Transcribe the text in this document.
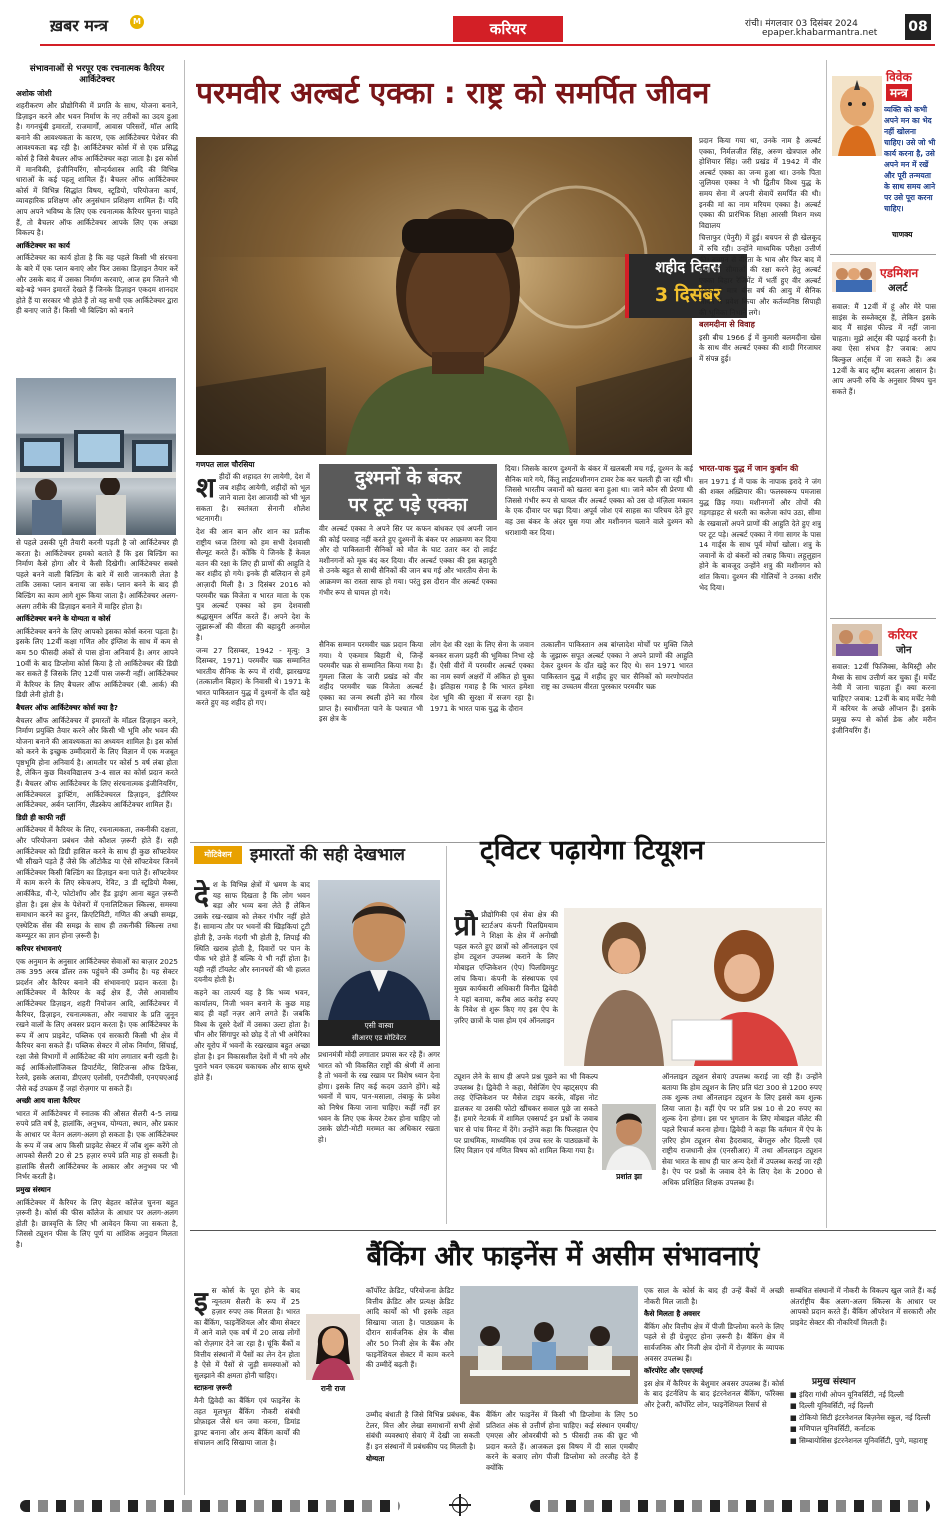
ख़बर मन्त्र	M	करियर	रांची। मंगलवार 03 दिसंबर 2024
epaper.khabarmantra.net 08
संभावनाओं से भरपूर एक रचनात्मक कैरियर आर्किटेक्चर
अशोक जोशी

शहरीकरण और प्रौद्योगिकी में प्रगति के साथ, योजना बनाने, डिज़ाइन करने और भवन निर्माण के नए तरीकों का उदय हुआ है। गगनचुंबी इमारतों, राजमार्गों, आवास परिसरों, मॉल आदि बनाने की आवश्यकता के कारण, एक आर्किटेक्चर पेशेवर की आवश्यकता बढ़ रही है। आर्किटेक्चर कोर्स में से एक प्रसिद्ध कोर्स है जिसे बैचलर ऑफ आर्किटेक्चर कहा जाता है। इस कोर्स में मानविकी, इंजीनियरिंग, सौन्दर्यशास्त्र आदि की विभिन्न धाराओं के कई पहलू शामिल हैं। बैचलर ऑफ आर्किटेक्चर कोर्स में विभिन्न सिद्धांत विषय, स्टूडियो, परियोजना कार्य, व्यावहारिक प्रशिक्षण और अनुसंधान प्रशिक्षण शामिल हैं। यदि आप अपने भविष्य के लिए एक रचनात्मक कैरियर चुनना चाहते हैं, तो बैचलर ऑफ आर्किटेक्चर आपके लिए एक अच्छा विकल्प है।

आर्किटेक्चर का कार्य

आर्किटेक्चर का कार्य होता है कि वह पहले किसी भी संरचना के बारे में एक प्लान बनाएं और फिर उसका डिज़ाइन तैयार करें और उसके बाद में उसका निर्माण करवाएं, आज हम जितने भी बड़े-बड़े भवन इमारतें देखते हैं जिनके डिज़ाइन एकदम शानदार होते हैं या सरकार भी होते हैं तो यह सभी एक आर्किटेक्चर द्वारा ही बनाए जाते हैं। किसी भी बिल्डिंग को बनाने

से पहले उसकी पूरी तैयारी करनी पड़ती है जो आर्किटेक्चर ही करता है। आर्किटेक्चर हमको बताते हैं कि इस बिल्डिंग का निर्माण कैसे होगा और ये कैसी दिखेगी। आर्किटेक्चर सबसे पहले बनने वाली बिल्डिंग के बारे में सारी जानकारी लेता है ताकि उसका प्लान बनाया जा सके। प्लान बनने के बाद ही बिल्डिंग का काम आगे शुरू किया जाता है। आर्किटेक्चर अलग-अलग तरीके की डिज़ाइन बनाने में माहिर होता है।

आर्किटेक्चर बनने के योग्यता व कोर्स

आर्किटेक्चर बनने के लिए आपको इसका कोर्स करना पड़ता है। इसके लिए 12वीं कक्षा गणित और इंग्लिश के साथ में कम से कम 50 फीसदी अंकों से पास होना अनिवार्य है। अगर आपने 10वीं के बाद डिप्लोमा कोर्स किया है तो आर्किटेक्चर की डिग्री कर सकते हैं जिसके लिए 12वीं पास जरूरी नहीं। आर्किटेक्चर में कैरियर के लिए बैचलर ऑफ आर्किटेक्चर (बी. आर्क) की डिग्री लेनी होती है।

बैचलर ऑफ आर्किटेक्चर कोर्स क्या है?

बैचलर ऑफ आर्किटेक्चर में इमारतों के मॉडल डिज़ाइन करने, निर्माण प्रयुक्ति तैयार करने और किसी भी भूमि और भवन की योजना बनाने की आवश्यकता का अध्ययन शामिल है। इस कोर्स को करने के इच्छुक उम्मीदवारों के लिए विज्ञान में एक मजबूत पृष्ठभूमि होना अनिवार्य है। आमतौर पर कोर्स 5 वर्ष लंबा होता है, लेकिन कुछ विश्वविद्यालय 3-4 साल का कोर्स प्रदान करते हैं। बैचलर ऑफ आर्किटेक्चर के लिए संरचनात्मक इंजीनियरिंग, आर्किटेक्चरल ड्राफ्टिंग, आर्किटेक्चरल डिज़ाइन, इंटीरियर आर्किटेक्चर, अर्बन प्लानिंग, लैंडस्केप आर्किटेक्चर शामिल हैं।

डिग्री ही काफी नहीं

आर्किटेक्चर में कैरियर के लिए, रचनात्मकता, तकनीकी दक्षता, और परियोजना प्रबंधन जैसे कौशल ज़रूरी होते हैं। सही आर्किटेक्चर को डिग्री हासिल करने के साथ ही कुछ सॉफ्टवेयर भी सीखने पड़ते हैं जैसे कि ऑटोकैड या ऐसे सॉफ्टवेयर जिनमें आर्किटेक्चर किसी बिल्डिंग का डिज़ाइन बना पाते हैं। सॉफ्टवेयर में काम करने के लिए स्केचअप, रेविट, 3 डी स्टूडियो मैक्स, आर्कीकैड, वी-रे, फोटोशॉप और हैंड ड्राइंग आना बहुत ज़रूरी होता है। इस क्षेत्र के पेशेवरों में एनालिटिकल स्किल्स, समस्या समाधान करने का हुनर, क्रिएटिविटी, गणित की अच्छी समझ, एस्थेटिक सेंस की समझ के साथ ही तकनीकी स्किल्स तथा कम्प्यूटर का ज्ञान होना ज़रूरी है।

करियर संभावनाएं

एक अनुमान के अनुसार आर्किटेक्चर सेवाओं का बाज़ार 2025 तक 395 अरब डॉलर तक पहुंचने की उम्मीद है। यह सेक्टर प्रदर्शन और कैरियर बनाने की संभावनाएं प्रदान करता है। आर्किटेक्चर में कैरियर के कई क्षेत्र हैं, जैसे आवासीय आर्किटेक्चर डिज़ाइन, शहरी नियोजन आदि, आर्किटेक्चर में कैरियर, डिज़ाइन, रचनात्मकता, और नवाचार के प्रति जुनून रखने वालों के लिए अवसर प्रदान करता है। एक आर्किटेक्चर के रूप में आप प्राइवेट, पब्लिक एवं सरकारी किसी भी क्षेत्र में कैरियर बना सकते हैं। पब्लिक सेक्टर में लोक निर्माण, सिंचाई, रक्षा जैसे विभागों में आर्किटेक्ट की मांग लगातार बनी रहती है। कई आर्किओलॉजिकल डिपार्टमेंट, सिटिजन्स ऑफ डिफेंस, रेलवे, इसके अलावा, डीएलए एलोसी, एनटीपीसी, एनएचएआई जैसे कई उपक्रम हैं जहां रोज़गार पा सकते हैं।

अच्छी आय वाला कैरियर

भारत में आर्किटेक्चर में स्नातक की औसत सैलरी 4-5 लाख रुपये प्रति वर्ष है, हालांकि, अनुभव, योग्यता, स्थान, और प्रकार के आधार पर वेतन अलग-अलग हो सकता है। एक आर्किटेक्चर के रूप में जब आप किसी प्राइवेट सेक्टर में जॉब शुरू करेंगे तो आपको सैलरी 20 से 25 हज़ार रुपये प्रति माह हो सकती है। हालांकि सैलरी आर्किटेक्चर के आकार और अनुभव पर भी निर्भर करती है।

प्रमुख संस्थान

आर्किटेक्चर में कैरियर के लिए बेहतर कॉलेज चुनना बहुत ज़रूरी है। कोर्स की फीस कॉलेज के आधार पर अलग-अलग होती है। छात्रवृत्ति के लिए भी आवेदन किया जा सकता है, जिससे ट्यूशन फीस के लिए पूर्ण या आंशिक अनुदान मिलता है।

परमवीर अल्बर्ट एक्का : राष्ट्र को समर्पित जीवन
शहीद दिवस
3 दिसंबर

प्रदान किया गया था, उनके नाम है अल्बर्ट एक्का, निर्मलजीत सिंह, अरुण खेत्रपाल और होशियार सिंह। जरी प्रखंड में 1942 में वीर अल्बर्ट एक्का का जन्म हुआ था। उनके पिता जुलियस एक्का ने भी द्वितीय विश्व युद्ध के समय सेना में अपनी सेवायें समर्पित की थी। इनकी मां का नाम मरियम एक्का है। अल्बर्ट एक्का की प्रारंभिक शिक्षा आरसी मिशन मध्य विद्यालय

चित्ताफुर (पेनुरी) में हुई। बचपन से ही खेलकूद में रुचि रही। उन्होंने माध्यमिक परीक्षा उत्तीर्ण की। बचपन से वीरता के भाव और फिर बाद में सेना की सीमाओं की रक्षा करने हेतु अल्बर्ट एक्का बिहार रेजिमेंट में भर्ती हुए वीर अल्बर्ट एक्का ने मात्र बीस वर्ष की आयु में सैनिक जीवन में प्रवेश किया और कर्तव्यनिष्ठ सिपाही की भूमिका निभाने लगे।

बलमदीना से विवाह

इसी बीच 1966 ई में कुमारी बलमदीना खेस के साथ वीर अल्बर्ट एक्का की शादी गिरजाघर में संपन्न हुई।

गणपत लाल चौरसिया
श हीदों की शहादत रंग लायेगी, देश में जब शहीद आयेगी, शहीदों को भूल जाने वाला देश आजादी को भी भूल सकता है। स्वतंत्रता सेनानी शौलेश भटनागरी।

देश की आन बान और शान का प्रतीक राष्ट्रीय ध्वज तिरंगा को हम सभी देशवासी सैल्यूट करते हैं। कोंकि ये जिनके हैं केवल वतन की रक्षा के लिए ही प्राणों की आहुति दे कर शहीद हो गये। इनके ही बलिदान से हमें आज़ादी मिली है। 3 दिसंबर 2016 को परमवीर चक्र विजेता व भारत माता के एक पुत्र अल्बर्ट एक्का को हम देशवासी श्रद्धासुमन अर्पित करते हैं। अपने देश के जुझारूओं की वीरता की बहादुरी अनमोल है।

जन्म 27 दिसम्बर, 1942 - मृत्यु: 3 दिसम्बर, 1971) परमवीर चक्र सम्मानित भारतीय सैनिक के रूप में रांची, झारखण्ड (तत्कालीन बिहार) के निवासी थे। 1971 के भारत पाकिस्तान युद्ध में दुश्मनों के दाँत खट्टे करते हुए वह शहीद हो गए।

दुश्मनों के बंकर
पर टूट पड़े एक्का

वीर अल्बर्ट एक्का ने अपने सिर पर कफन बांधकर एवं अपनी जान की कोई परवाह नहीं करते हुए दुश्मनों के बंकर पर आक्रमण कर दिया और दो पाकिस्तानी सैनिकों को मौत के घाट उतार कर दो लाईट मशीनगनों को मूक बंद कर दिया। वीर अल्बर्ट एक्का की इस बहादुरी से उनके बहुत से साथी सैनिकों की जान बच गई और भारतीय सेना के आक्रमण का रास्ता साफ हो गया। परंतु इस दौरान वीर अल्बर्ट एक्का गंभीर रूप से घायल हो गये।

दिया। जिसके कारण दुश्मनों के बंकर में खलबली मच गई, दुश्मन के कई सैनिक मारे गये, किंतु लाईटमशीनगन टावर टेक कर चलती ही जा रही थी। जिससे भारतीय जवानों को खतरा बना हुआ था। जाने कौन सी प्रेरणा थी जिससे गंभीर रूप से घायल वीर अल्बर्ट एक्का को उस दो मंज़िला मकान के एक दीवार पर चढ़ा दिया। अपूर्व जोश एवं साहस का परिचय देते हुए वह उस बंकर के अंदर घुस गया और मशीनगन चलाने वाले दुश्मन को धराशायी कर दिया।

सैनिक सम्मान परमवीर चक्र प्रदान किया गया। ये एकमात्र बिहारी थे, जिन्हें परमवीर चक्र से सम्मानित किया गया है। गुमला जिला के जारी प्रखंड को वीर शहीद परमवीर चक्र विजेता अल्बर्ट एक्का का जन्म स्थली होने का गौरव प्राप्त है। स्वाधीनता पाने के पश्चात भी इस क्षेत्र के

लोग देश की रक्षा के लिए सेना के जवान बनकर सजग प्रहरी की भूमिका निभा रहे हैं। ऐसी वीरों में परमवीर अल्बर्ट एक्का का नाम स्वर्ण अक्षरों में अंकित हो चुका है। इतिहास गवाह है कि भारत हमेशा देश भूमि की सुरक्षा में सजग रहा है। 1971 के भारत पाक युद्ध के दौरान

तत्कालीन पाकिस्तान अब बांग्लादेश मोर्चों पर मुक्ति जिले के जुझारू सपूत अल्बर्ट एक्का ने अपने प्राणों की आहुति देकर दुश्मन के दाँत खट्टे कर दिए थे। सन 1971 भारत पाकिस्तान युद्ध में शहीद हुए चार सैनिकों को मरणोपरांत राष्ट्र का उच्चतम वीरता पुरस्कार परमवीर चक्र

भारत-पाक युद्ध में जान कुर्बान की

सन 1971 ई में पाक के नापाक इरादे ने जंग की शक्ल अख़्तियार की। फलस्वरूप पमजास युद्ध छिड़ गया। मशीनगनों और तोपों की गड़गड़ाहट से धरती का कलेजा कांप उठा, सीमा के रखवालों अपने प्राणों की आहुति देते हुए शत्रु पर टूट पड़े। अल्बर्ट एक्का ने गंगा सागर के पास 14 गार्ड्स के साथ पूर्व मोर्चा खोला। शत्रु के जवानों के दो बंकरों को तबाह किया। लहूलुहान होने के बावजूद उन्होंने शत्रु की मशीनगन को शांत किया। दुश्मन की गोलियों ने उनका शरीर भेद दिया।

मोटिवेशन	इमारतों की सही देखभाल
दे श के विभिन्न क्षेत्रों में भ्रमण के बाद यह साफ दिखता है कि लोग भवन बड़ा और भव्य बना लेते हैं लेकिन उसके रख-रखाव को लेकर गंभीर नहीं होते हैं। सामान्य तौर पर भवनों की खिड़कियां टूटी होती है, उनके गंदगी भी होती है, लिपाई की स्थिति खराब होती है, दिवारों पर पान के पीक भरे होते हैं बल्कि ये भी नहीं होता है। यही नहीं टॉयलेट और स्नानघरों की भी हालत दयनीय होती है।

कहने का तात्पर्य यह है कि भव्य भवन, कार्यालय, निजी भवन बनाने के कुछ माह बाद ही वहाँ नज़र आने लगते हैं। जबकि विश्व के दूसरे देशों में उसका उल्टा होता है। चीन और सिंगापुर को छोड़ दें तो भी अमेरिका और यूरोप में भवनों के रखरखाव बहुत अच्छा होता है। इन विकासशील देशों में भी नये और पुराने भवन एकदम चकाचक और साफ सुथरे होते हैं।

एसी वास्वा
सीआरए एड मोटिवेटर

प्रधानमंत्री मोदी लगातार प्रयास कर रहे हैं। अगर भारत को भी विकसित राष्ट्रों की श्रेणी में आना है तो भवनों के रख रखाव पर विशेष ध्यान देना होगा। इसके लिए कई कदम उठाने होंगे। बड़े भवनों में चाय, पान-मसाला, तंबाकू के प्रवेश को निषेध किया जाना चाहिए। कहीं नहीं हर भवन के लिए एक केयर टेकर होना चाहिए जो उसके छोटी-मोटी मरम्मत का अधिकार रखता हो।

ट्विटर पढ़ायेगा टियूशन
प्रौ प्रौद्योगिकी एवं सेवा क्षेत्र की स्टार्टअप कंपनी पिलग्रिमयाम ने शिक्षा के क्षेत्र में अनोखी पहल करते हुए छात्रों को ऑनलाइन एवं होम ट्यूशन उपलब्ध कराने के लिए मोबाइल एप्लिकेशन (ऐप) पिलग्रिमयुट लांच किया। कंपनी के संस्थापक एवं मुख्य कार्यकारी अधिकारी विनीत द्विवेदी ने यहां बताया, करीब आठ करोड़ रुपए के निवेश से शुरू किए गए इस ऐप के ज़रिए छात्रों के पास होम एवं ऑनलाइन

ट्यूशन लेने के साथ ही अपने प्रश्न पूछने का भी विकल्प उपलब्ध है। द्विवेदी ने कहा, मैसेजिंग ऐप व्हाट्सएप की तरह ऐप्लिकेशन पर मैसेज टाइप करके, वॉइस नोट डालकर या उसकी फोटो खींचकर सवाल पूछे जा सकते हैं। हमारे नेटवर्क में शामिल एक्सपर्ट इन प्रश्नों के जवाब चार से पांच मिनट में देंगे। उन्होंने कहा कि फिलहाल ऐप पर प्राथमिक, माध्यमिक एवं उच्च स्तर के पाठ्यक्रमों के लिए विज्ञान एवं गणित विषय को शामिल किया गया है।

प्रशांत झा

ऑनलाइन ट्यूशन सेवाएं उपलब्ध कराई जा रही हैं। उन्होंने बताया कि होम ट्यूशन के लिए प्रति घंटा 300 से 1200 रुपए तक शुल्क तथा ऑनलाइन ट्यूशन के लिए इससे कम शुल्क लिया जाता है। वहीं ऐप पर प्रति प्रश्न 10 से 20 रुपए का शुल्क देना होगा। इस पर भुगतान के लिए मोबाइल वॉलेट की पहले रिचार्ज करना होगा। द्विवेदी ने कहा कि वर्तमान में ऐप के ज़रिए होम ट्यूशन सेवा हैदराबाद, बेंगलुरु और दिल्ली एवं राष्ट्रीय राजधानी क्षेत्र (एनसीआर) में तथा ऑनलाइन ट्यूशन सेवा भारत के साथ ही चार अन्य देशों में उपलब्ध कराई जा रही है। ऐप पर प्रश्नों के जवाब देने के लिए देश के 2000 से अधिक प्रशिक्षित शिक्षक उपलब्ध हैं।

विवेक
मन्त्र
व्यक्ति को कभी अपने मन का भेद नहीं खोलना चाहिए। उसे जो भी कार्य करना है, उसे अपने मन में रखें और पूरी तन्मयता के साथ समय आने पर उसे पूरा करना चाहिए।
चाणक्य
एडमिशन
अलर्ट
सवाल: मैं 12वीं में हूं और मेरे पास साइंस के सब्जेक्ट्स हैं, लेकिन इसके बाद मैं साइंस फील्ड में नहीं जाना चाहता। मुझे आर्ट्स की पढ़ाई करनी है। क्या ऐसा संभव है? जवाब: आप बिल्कुल आर्ट्स में जा सकते हैं। अब 12वीं के बाद स्ट्रीम बदलना आसान है। आप अपनी रुचि के अनुसार विषय चुन सकते हैं।
करियर
जोन
सवाल: 12वीं फिजिक्स, केमिस्ट्री और मैथ्स के साथ उत्तीर्ण कर चुका हूँ। मर्चेंट नेवी में जाना चाहता हूँ। क्या करना चाहिए? जवाब: 12वीं के बाद मर्चेंट नेवी में करियर के अच्छे ऑप्शन हैं। इसके प्रमुख रूप से कोर्स डेक और मरीन इंजीनियरिंग हैं।
बैंकिंग और फाइनेंस में असीम संभावनाएं
इ स कोर्स के पूरा होने के बाद न्यूनतम सैलरी के रूप में 25 हज़ार रुपए तक मिलता है। भारत का बैंकिंग, फाइनेंशियल और बीमा सेक्टर में आने वाले एक वर्ष में 20 लाख लोगों को रोज़गार देने जा रहा है। चूंकि बैंकों व वित्तीय संस्थानों में पैसों का लेन देन होता है ऐसे में पैसों से जुड़ी समस्याओं को सुलझाने की क्षमता होनी चाहिए।

स्टाफ़ना ज़रूरी

मैनी द्विवेदी का बैंकिंग एवं फाइनेंस के तहत मूलभूत बैंकिंग नौकरी संबंधी प्रोफ़ाइल जैसे धन जमा करना, डिमांड ड्राफ्ट बनाना और अन्य बैंकिंग कार्यों की संचालन आदि सिखाया जाता है।

रानी राज

कॉर्पोरेट क्रेडिट, परियोजना क्रेडिट वित्तीय क्रेडिट और प्रत्यक्ष क्रेडिट आदि कार्यों को भी इसके तहत सिखाया जाता है। पाठ्यक्रम के दौरान सार्वजनिक क्षेत्र के बीस और 50 निजी क्षेत्र के बैंक और फाइनेंशियल सेक्टर में काम करने की उम्मीदें बढ़ती हैं।

उम्मीद बंधाती है जिसे विभिन्न प्रबंधक, बैंक टेलर, वित्त और लेखा समाधानों सभी क्षेत्रों संबंधी व्यवस्थाएं सेवाएं में देखी जा सकती हैं। इन संस्थानों में प्रबंधकीय पद मिलती है।

योग्यता

बैंकिंग और फाइनेंस में किसी भी डिप्लोमा के लिए 50 प्रतिशत अंक से उत्तीर्ण होना चाहिए। कई संस्थान एमबीए/एमएस और ओवरबीपी को 5 फीसदी तक की छूट भी प्रदान करते हैं। आजकल इस विषय में दी साल एमबीए करने के बजाए लोग पीजी डिप्लोमा को तरजीह देते हैं क्योंकि

एक साल के कोर्स के बाद ही उन्हें बैंकों में अच्छी नौकरी मिल जाती है।

कैसे मिलता है अवसर

बैंकिंग और वित्तीय क्षेत्र में पीजी डिप्लोमा करने के लिए पहले से ही ग्रेजुएट होना ज़रूरी है। बैंकिंग क्षेत्र में सार्वजनिक और निजी क्षेत्र दोनों में रोज़गार के व्यापक अवसर उपलब्ध हैं।

कॉरपोरेट और एसएमई

इस क्षेत्र में कैरियर के बेशुमार अवसर उपलब्ध हैं। कोर्स के बाद इंटर्नशिप के बाद इंटरनेशनल बैंकिंग, फॉरेक्स और ट्रेजरी, कॉर्पोरेट लोन, फाइनेंशियल रिसर्च से

सम्बंधित संस्थानों में नौकरी के विकल्प खुल जाते हैं। कई अंतर्राष्ट्रीय बैंक अलग-अलग स्किल्स के आधार पर आपको प्रदान करते हैं। बैंकिंग ऑपरेशन में सरकारी और प्राइवेट सेक्टर की नौकरियाँ मिलती हैं।

प्रमुख संस्थान
■ इंदिरा गांधी ओपन यूनिवर्सिटी, नई दिल्ली
■ दिल्ली यूनिवर्सिटी, नई दिल्ली
■ टोकियो सिटी इंटरनेशनल बिज़नेस स्कूल, नई दिल्ली
■ मणिपाल यूनिवर्सिटी, कर्नाटक
■ सिम्बायोसिस इंटरनेशनल यूनिवर्सिटी, पुणे, महाराष्ट्र
